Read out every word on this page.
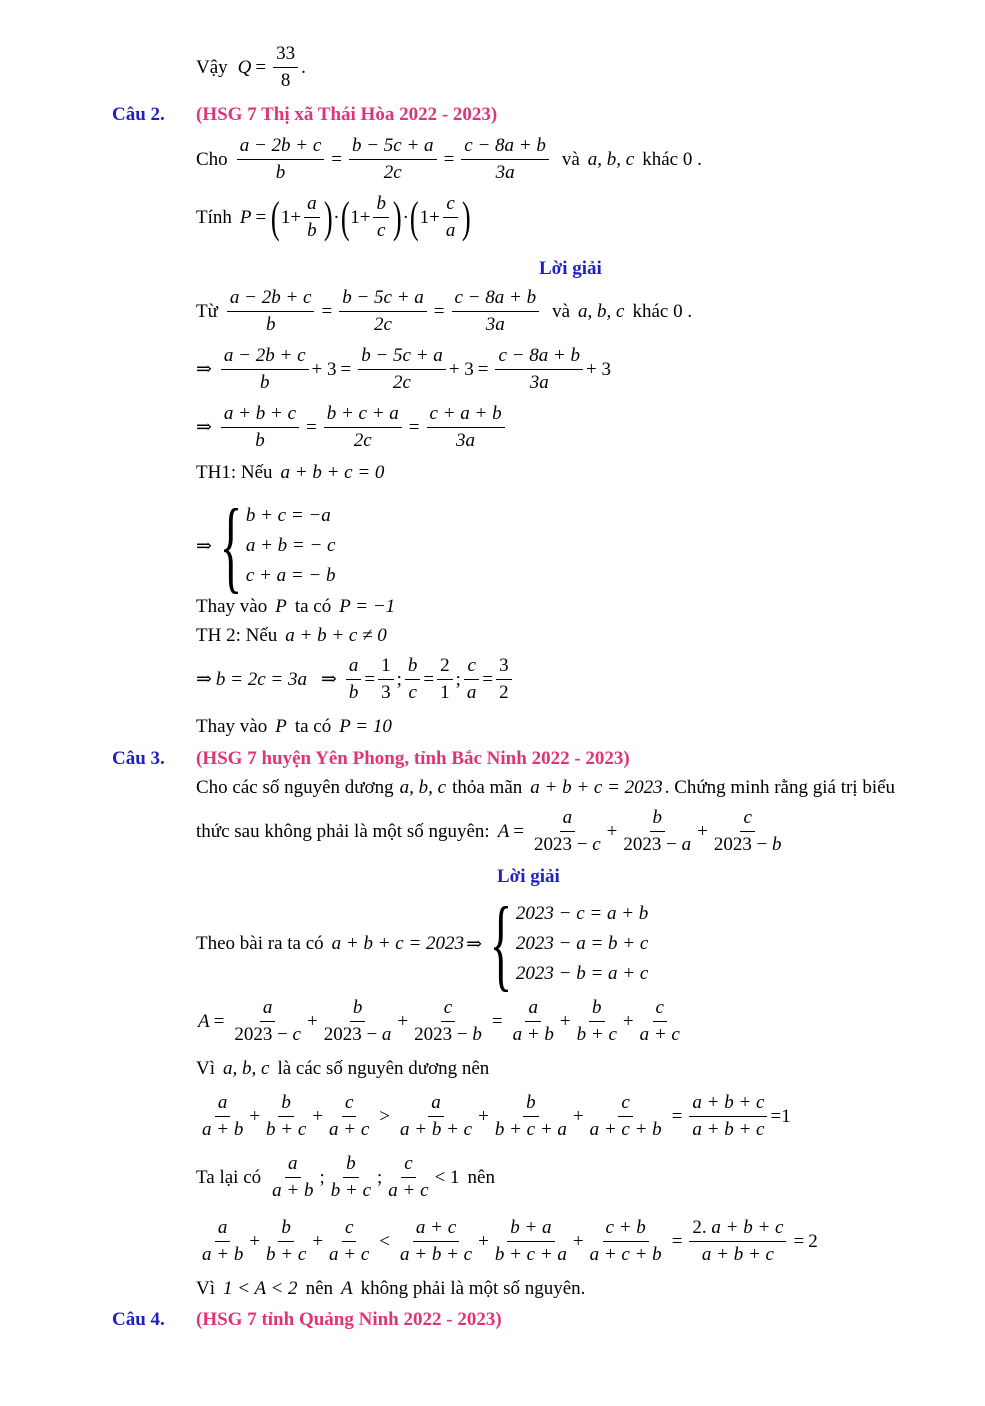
Vậy $Q = \frac{33}{8}$ .
Câu 2. (HSG 7 Thị xã Thái Hòa 2022 - 2023)
Cho $\frac{a - 2b + c}{b} = \frac{b - 5c + a}{2c} = \frac{c - 8a + b}{3a}$ và a, b, c khác 0 .
Tính P = ( $1+ \frac{a}{b}$ ) · ( $1+ \frac{b}{c}$ ) · ( $1+ \frac{c}{a}$ )
Lời giải
Từ $\frac{a - 2b + c}{b} = \frac{b - 5c + a}{2c} = \frac{c - 8a + b}{3a}$ và a, b, c khác 0 .
⇒ $\frac{a - 2b + c}{b} + 3 = \frac{b - 5c + a}{2c} + 3 = \frac{c - 8a + b}{3a} + 3$
⇒ $\frac{a + b + c}{b} = \frac{b + c + a}{2c} = \frac{c + a + b}{3a}$
TH1: Nếu a + b + c = 0
⇒ { b + c = −a
a + b = − c
c + a = − b
Thay vào P ta có P = −1
TH 2: Nếu a + b + c ≠ 0
⇒ b = 2c = 3a ⇒ $\frac{a}{b} = \frac{1}{3}$ ; $\frac{b}{c} = \frac{2}{1}$ ; $\frac{c}{a} = \frac{3}{2}$
Thay vào P ta có P = 10
Câu 3. (HSG 7 huyện Yên Phong, tỉnh Bắc Ninh 2022 - 2023)
Cho các số nguyên dương a, b, c thỏa mãn a + b + c = 2023 . Chứng minh rằng giá trị biểu
thức sau không phải là một số nguyên: $A = \frac{a}{2023 - c} + \frac{b}{2023 - a} + \frac{c}{2023 - b}$
Lời giải
Theo bài ra ta có a + b + c = 2023 ⇒ { 2023 − c = a + b
2023 − a = b + c
2023 − b = a + c
$A = \frac{a}{2023 - c} + \frac{b}{2023 - a} + \frac{c}{2023 - b} = \frac{a}{a + b} + \frac{b}{b + c} + \frac{c}{a + c}$
Vì a, b, c là các số nguyên dương nên
$\frac{a}{a + b} + \frac{b}{b + c} + \frac{c}{a + c} > \frac{a}{a + b + c} + \frac{b}{b + c + a} + \frac{c}{a + c + b} = \frac{a + b + c}{a + b + c} =1$
Ta lại có $\frac{a}{a + b}$ ; $\frac{b}{b + c}$ ; $\frac{c}{a + c} < 1$ nên
$\frac{a}{a + b} + \frac{b}{b + c} + \frac{c}{a + c} < \frac{a + c}{a + b + c} + \frac{b + a}{b + c + a} + \frac{c + b}{a + c + b} = \frac{2. a + b + c}{a + b + c} = 2$
Vì 1 < A < 2 nên A không phải là một số nguyên.
Câu 4. (HSG 7 tỉnh Quảng Ninh 2022 - 2023)
